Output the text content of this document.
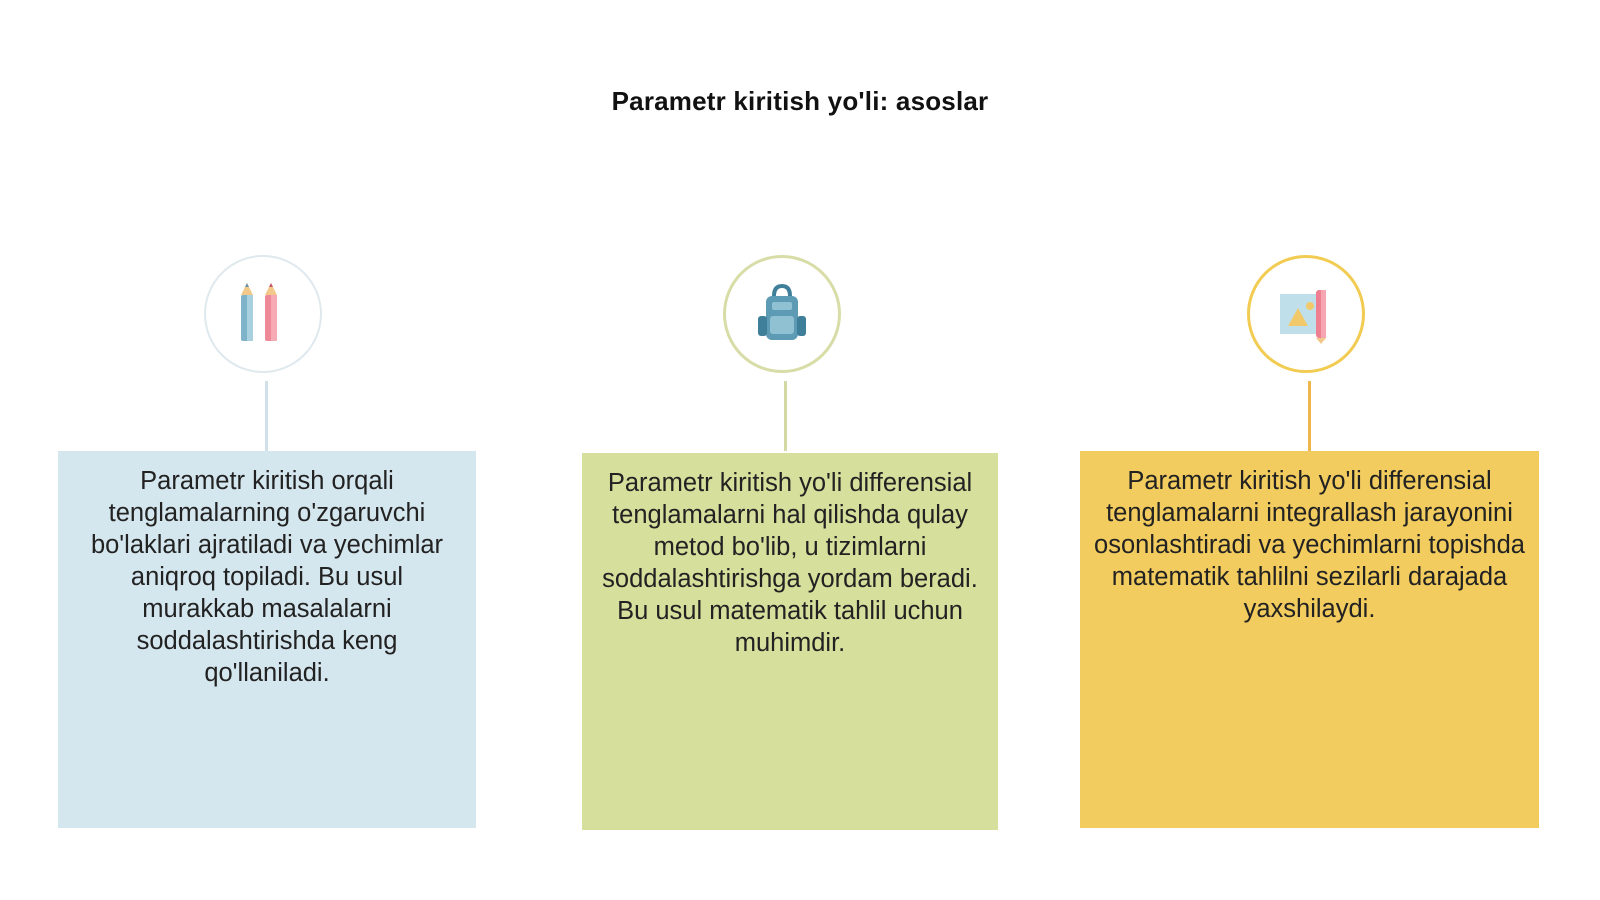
Parametr kiritish yo'li: asoslar

Parametr kiritish orqali tenglamalarning o'zgaruvchi bo'laklari ajratiladi va yechimlar aniqroq topiladi. Bu usul murakkab masalalarni soddalashtirishda keng qo'llaniladi.

Parametr kiritish yo'li differensial tenglamalarni hal qilishda qulay metod bo'lib, u tizimlarni soddalashtirishga yordam beradi. Bu usul matematik tahlil uchun muhimdir.

Parametr kiritish yo'li differensial tenglamalarni integrallash jarayonini osonlashtiradi va yechimlarni topishda matematik tahlilni sezilarli darajada yaxshilaydi.
